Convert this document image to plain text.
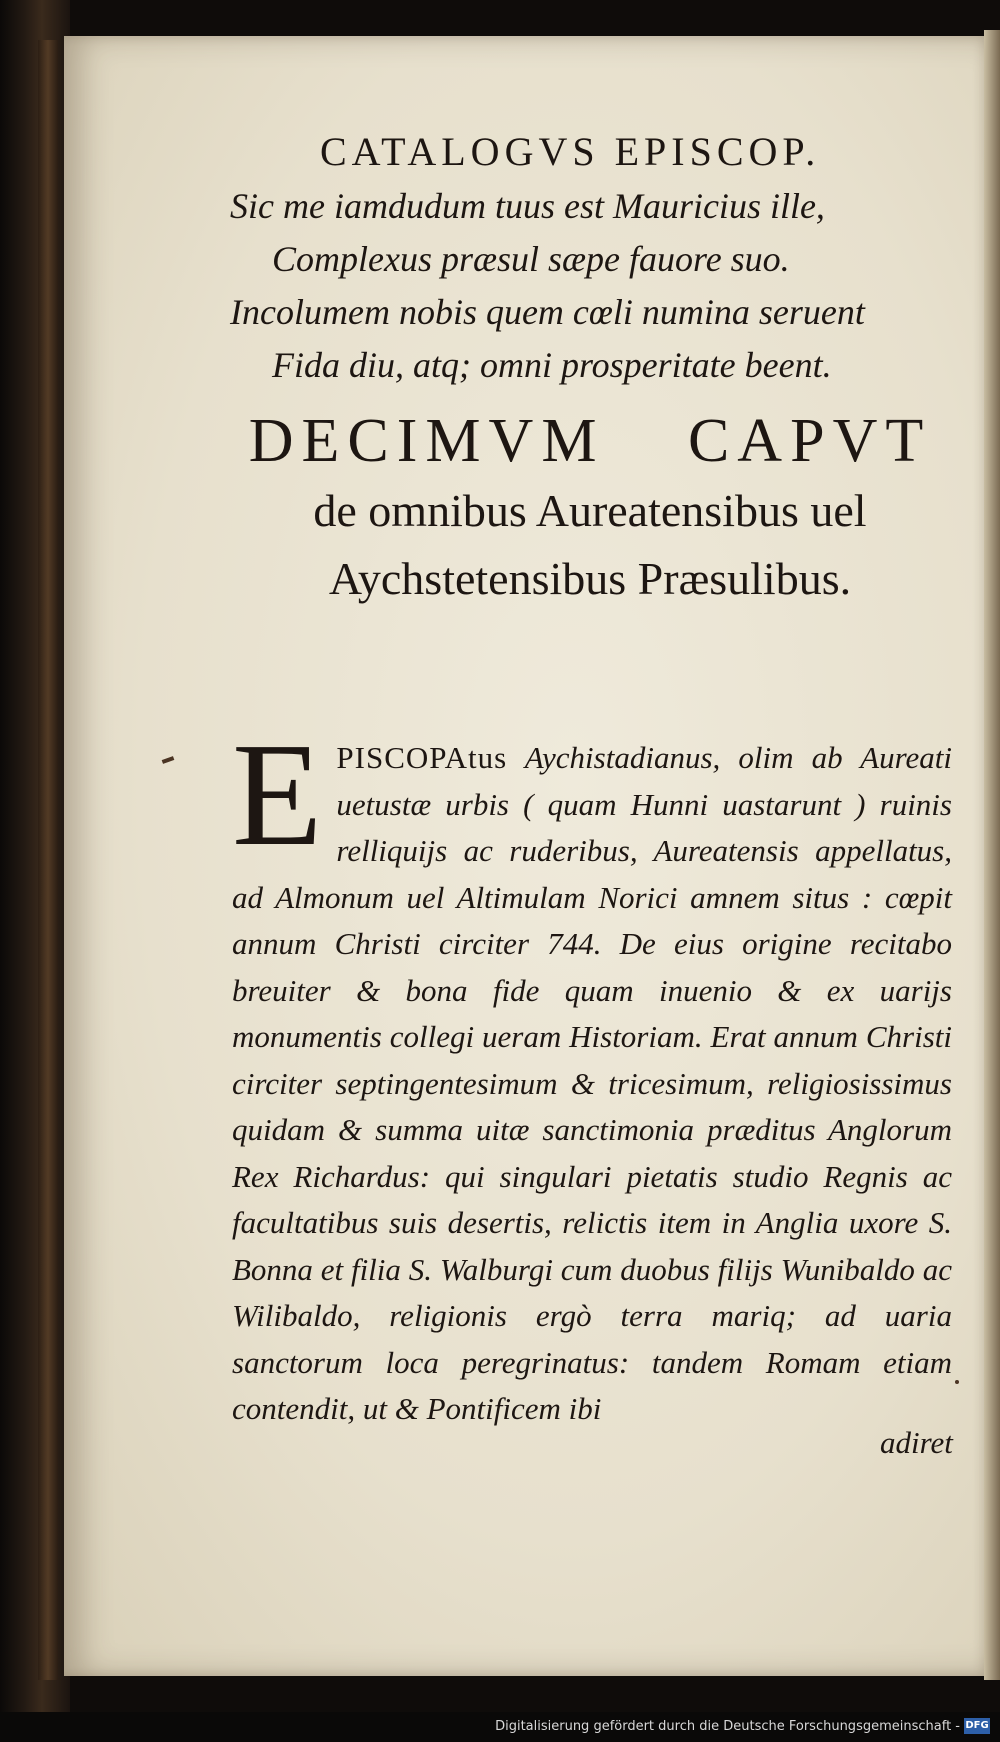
CATALOGVS EPISCOP.
Sic me iamdudum tuus est Mauricius ille,
Complexus præsul sæpe fauore suo.
Incolumem nobis quem cœli numina seruent
Fida diu, atq; omni prosperitate beent.
DECIMVM CAPVT
de omnibus Aureatensibus uel Aychstetensibus Præsulibus.
E PISCOPAtus Aychistadianus, olim ab Aureati uetustæ urbis ( quam Hunni uastarunt ) ruinis relliquijs ac ruderibus, Aureatensis appellatus, ad Almonum uel Altimulam Norici amnem situs : cœpit annum Christi circiter 744. De eius origine recitabo breuiter & bona fide quam inuenio & ex uarijs monumentis collegi ueram Historiam. Erat annum Christi circiter septingentesimum & tricesimum, religiosissimus quidam & summa uitæ sanctimonia præditus Anglorum Rex Richardus: qui singulari pietatis studio Regnis ac facultatibus suis desertis, relictis item in Anglia uxore S. Bonna et filia S. Walburgi cum duobus filijs Wunibaldo ac Wilibaldo, religionis ergò terra mariq; ad uaria sanctorum loca peregrinatus: tandem Romam etiam contendit, ut & Pontificem ibi
adiret
Digitalisierung gefördert durch die Deutsche Forschungsgemeinschaft - DFG
